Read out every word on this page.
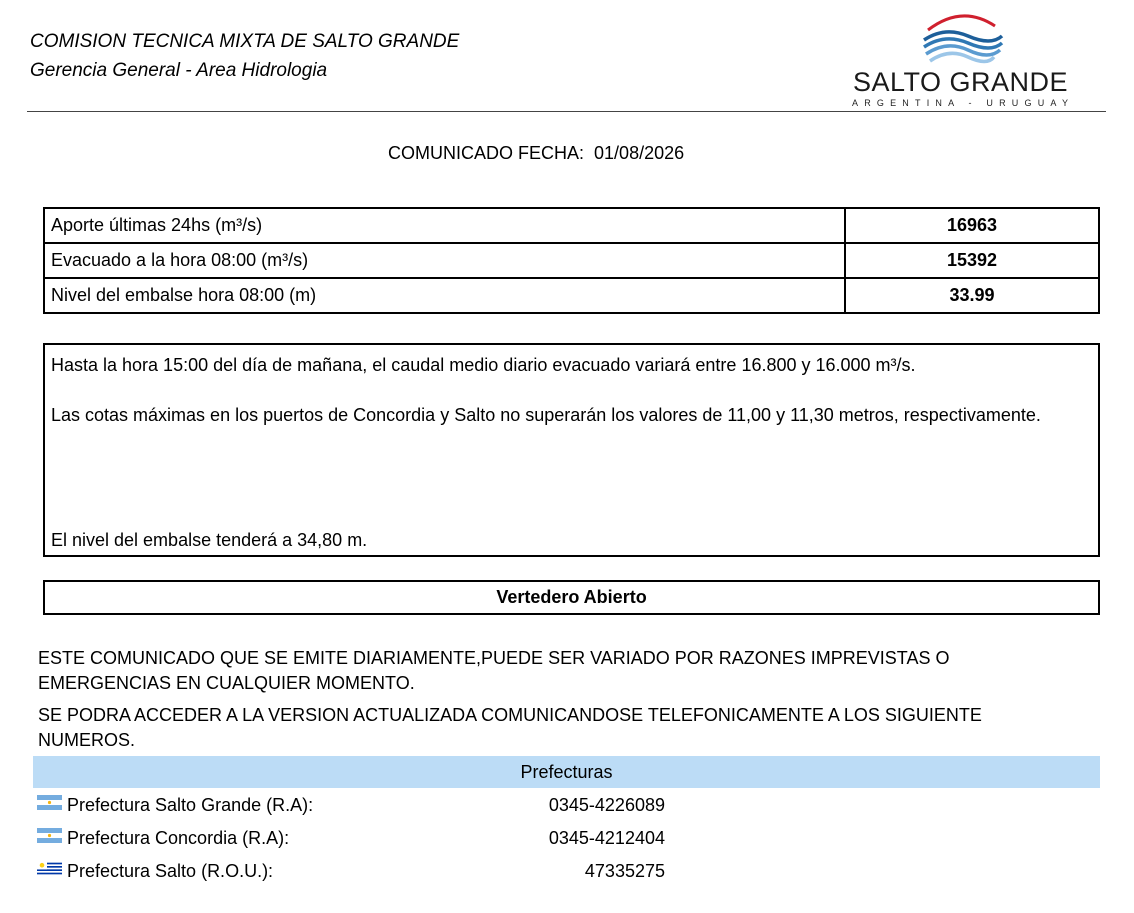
COMISION TECNICA MIXTA DE SALTO GRANDE
Gerencia General - Area Hidrologia	SALTO GRANDE
ARGENTINA - URUGUAY
COMUNICADO FECHA: 01/08/2026
Aporte últimas 24hs (m³/s)	16963
Evacuado a la hora 08:00 (m³/s)	15392
Nivel del embalse hora 08:00 (m)	33.99

Hasta la hora 15:00 del día de mañana, el caudal medio diario evacuado variará entre 16.800 y 16.000 m³/s.

Las cotas máximas en los puertos de Concordia y Salto no superarán los valores de 11,00 y 11,30 metros, respectivamente.

El nivel del embalse tenderá a 34,80 m.

Vertedero Abierto
ESTE COMUNICADO QUE SE EMITE DIARIAMENTE,PUEDE SER VARIADO POR RAZONES IMPREVISTAS O EMERGENCIAS EN CUALQUIER MOMENTO.
SE PODRA ACCEDER A LA VERSION ACTUALIZADA COMUNICANDOSE TELEFONICAMENTE A LOS SIGUIENTE NUMEROS.
Prefecturas
Prefectura Salto Grande (R.A):	0345-4226089
Prefectura Concordia (R.A):	0345-4212404
Prefectura Salto (R.O.U.):	47335275
